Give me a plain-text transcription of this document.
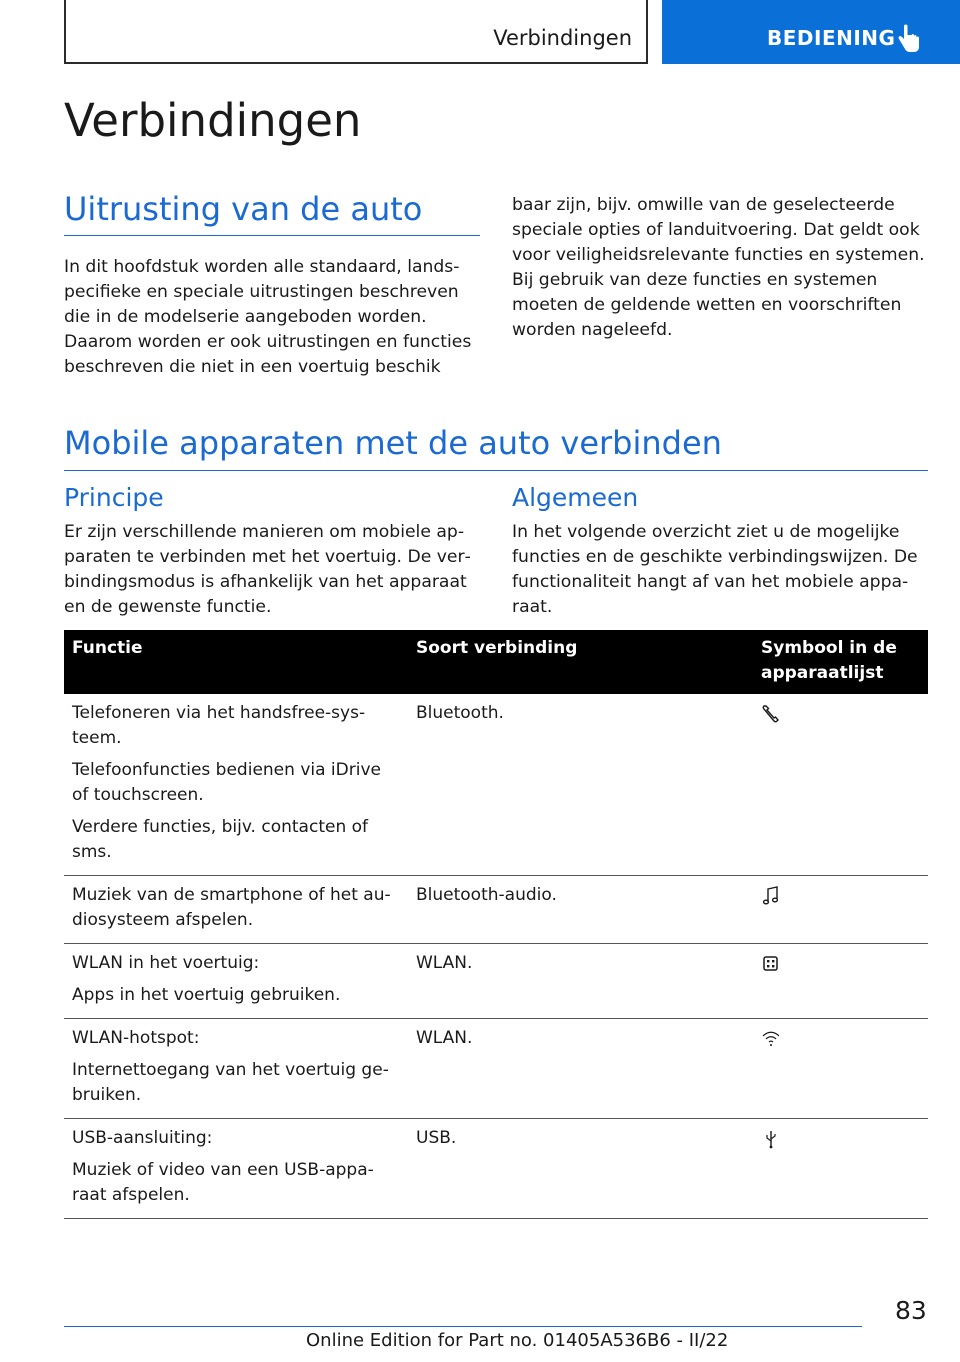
Verbindingen	BEDIENING
Verbindingen
Uitrusting van de auto

In dit hoofdstuk worden alle standaard, landspecifieke en speciale uitrustingen beschreven die in de modelserie aangeboden worden. Daarom worden er ook uitrustingen en functies beschreven die niet in een voertuig beschik

baar zijn, bijv. omwille van de geselecteerde speciale opties of landuitvoering. Dat geldt ook voor veiligheidsrelevante functies en systemen. Bij gebruik van deze functies en systemen moeten de geldende wetten en voorschriften worden nageleefd.

Mobile apparaten met de auto verbinden
Principe

Er zijn verschillende manieren om mobiele apparaten te verbinden met het voertuig. De verbindingsmodus is afhankelijk van het apparaat en de gewenste functie.

Algemeen

In het volgende overzicht ziet u de mogelijke functies en de geschikte verbindingswijzen. De functionaliteit hangt af van het mobiele apparaat.

Functie	Soort verbinding	Symbool in de apparaatlijst

Telefoneren via het handsfree-systeem.

Telefoonfuncties bedienen via iDrive of touchscreen.

Verdere functies, bijv. contacten of sms.	Bluetooth.	

Muziek van de smartphone of het audiosysteem afspelen.	Bluetooth-audio.	

WLAN in het voertuig:

Apps in het voertuig gebruiken.	WLAN.	

WLAN-hotspot:

Internettoegang van het voertuig gebruiken.	WLAN.	

USB-aansluiting:

Muziek of video van een USB-apparaat afspelen.	USB.	
83
Online Edition for Part no. 01405A536B6 - II/22
